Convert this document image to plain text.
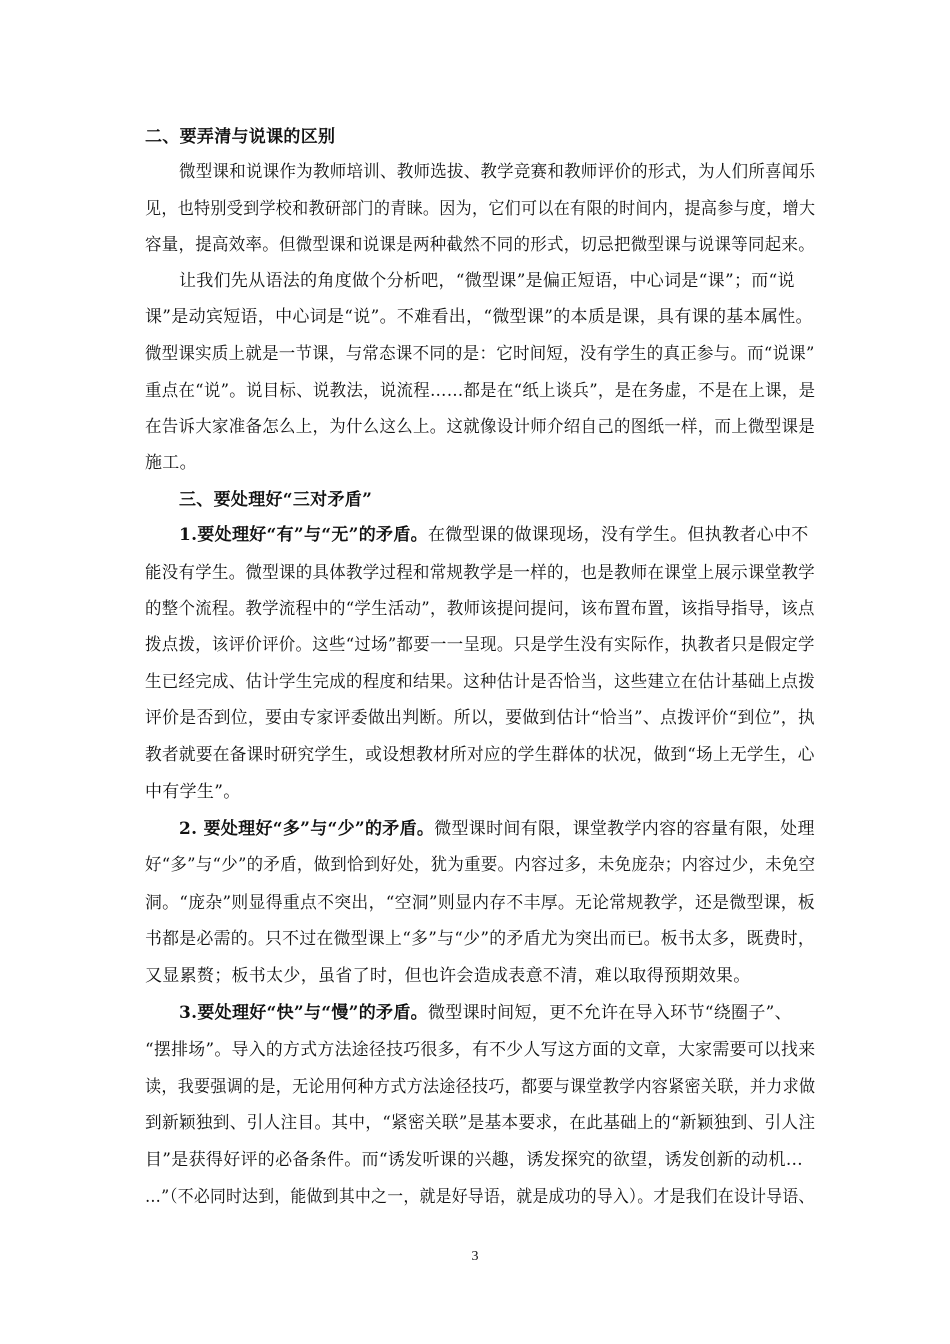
二、要弄清与说课的区别
微型课和说课作为教师培训、教师选拔、教学竞赛和教师评价的形式，为人们所喜闻乐
见，也特别受到学校和教研部门的青睐。因为，它们可以在有限的时间内，提高参与度，增大
容量，提高效率。但微型课和说课是两种截然不同的形式，切忌把微型课与说课等同起来。
让我们先从语法的角度做个分析吧，“微型课”是偏正短语，中心词是“课”；而“说
课”是动宾短语，中心词是“说”。不难看出，“微型课”的本质是课，具有课的基本属性。
微型课实质上就是一节课，与常态课不同的是：它时间短，没有学生的真正参与。而“说课”
重点在“说”。说目标、说教法，说流程……都是在“纸上谈兵”，是在务虚，不是在上课，是
在告诉大家准备怎么上，为什么这么上。这就像设计师介绍自己的图纸一样，而上微型课是
施工。
三、要处理好“三对矛盾”
1.要处理好“有”与“无”的矛盾。在微型课的做课现场，没有学生。但执教者心中不
能没有学生。微型课的具体教学过程和常规教学是一样的，也是教师在课堂上展示课堂教学
的整个流程。教学流程中的“学生活动”，教师该提问提问，该布置布置，该指导指导，该点
拨点拨，该评价评价。这些“过场”都要一一呈现。只是学生没有实际作，执教者只是假定学
生已经完成、估计学生完成的程度和结果。这种估计是否恰当，这些建立在估计基础上点拨
评价是否到位，要由专家评委做出判断。所以，要做到估计“恰当”、点拨评价“到位”，执
教者就要在备课时研究学生，或设想教材所对应的学生群体的状况，做到“场上无学生，心
中有学生”。
2. 要处理好“多”与“少”的矛盾。微型课时间有限，课堂教学内容的容量有限，处理
好“多”与“少”的矛盾，做到恰到好处，犹为重要。内容过多，未免庞杂；内容过少，未免空
洞。“庞杂”则显得重点不突出，“空洞”则显内存不丰厚。无论常规教学，还是微型课，板
书都是必需的。只不过在微型课上“多”与“少”的矛盾尤为突出而已。板书太多，既费时，
又显累赘；板书太少，虽省了时，但也许会造成表意不清，难以取得预期效果。
3.要处理好“快”与“慢”的矛盾。微型课时间短，更不允许在导入环节“绕圈子”、
“摆排场”。导入的方式方法途径技巧很多，有不少人写这方面的文章，大家需要可以找来
读，我要强调的是，无论用何种方式方法途径技巧，都要与课堂教学内容紧密关联，并力求做
到新颖独到、引人注目。其中，“紧密关联”是基本要求，在此基础上的“新颖独到、引人注
目”是获得好评的必备条件。而“诱发听课的兴趣，诱发探究的欲望，诱发创新的动机…
…”（不必同时达到，能做到其中之一，就是好导语，就是成功的导入）。才是我们在设计导语、
3
